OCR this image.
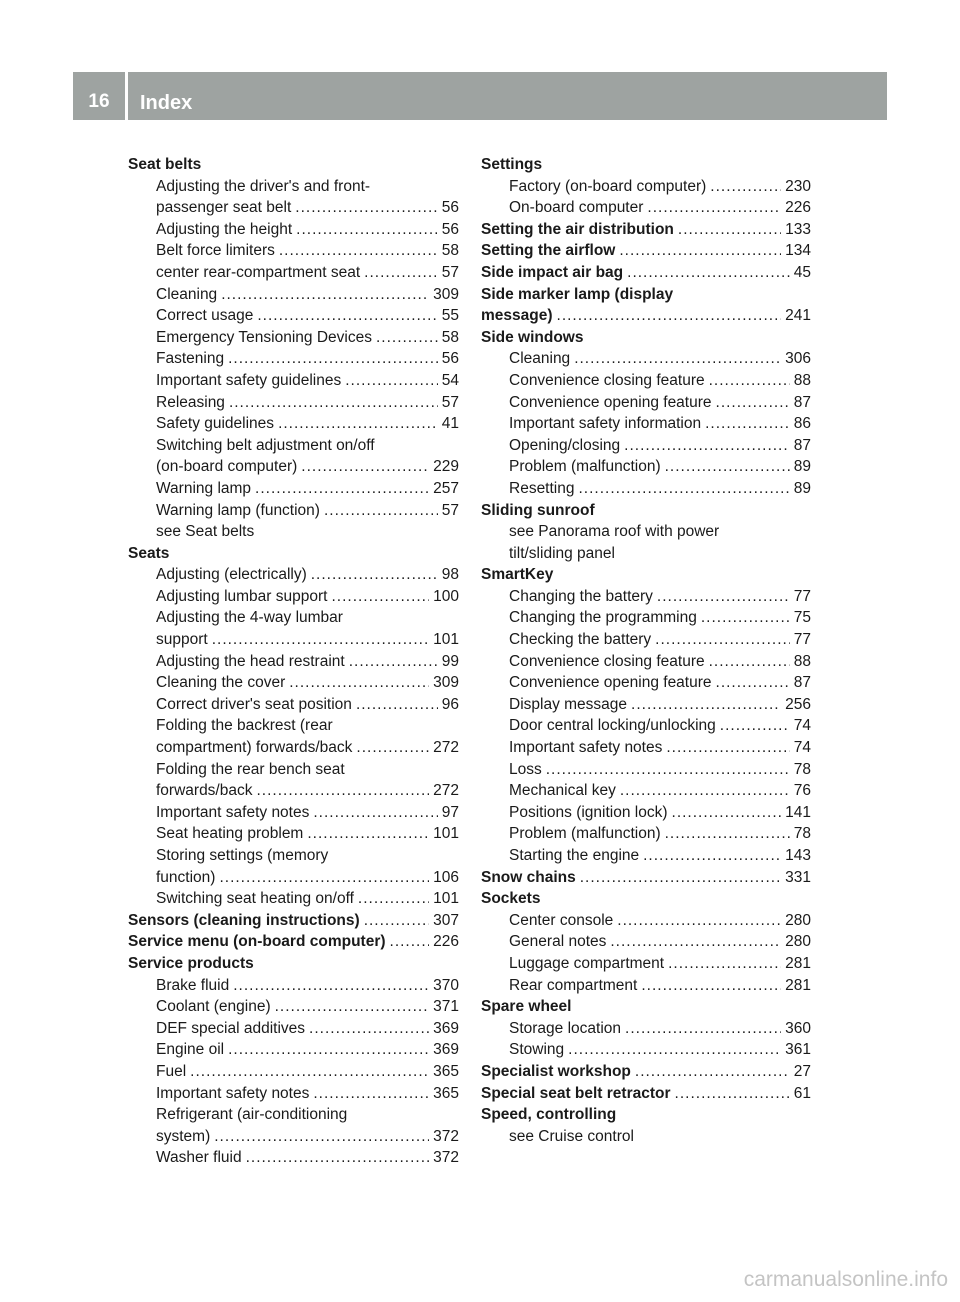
16	Index
Seat belts
Adjusting the driver's and front-
passenger seat belt .....	56
Adjusting the height .....	56
Belt force limiters .....	58
center rear-compartment seat .....	57
Cleaning .....	309
Correct usage .....	55
Emergency Tensioning Devices .....	58
Fastening .....	56
Important safety guidelines .....	54
Releasing .....	57
Safety guidelines .....	41
Switching belt adjustment on/off
(on-board computer) .....	229
Warning lamp .....	257
Warning lamp (function) .....	57
see Seat belts
Seats
Adjusting (electrically) .....	98
Adjusting lumbar support .....	100
Adjusting the 4-way lumbar
support .....	101
Adjusting the head restraint .....	99
Cleaning the cover .....	309
Correct driver's seat position .....	96
Folding the backrest (rear
compartment) forwards/back .....	272
Folding the rear bench seat
forwards/back .....	272
Important safety notes .....	97
Seat heating problem .....	101
Storing settings (memory
function) .....	106
Switching seat heating on/off .....	101
Sensors (cleaning instructions) .....	307
Service menu (on-board computer) .....	226
Service products
Brake fluid .....	370
Coolant (engine) .....	371
DEF special additives .....	369
Engine oil .....	369
Fuel .....	365
Important safety notes .....	365
Refrigerant (air-conditioning
system) .....	372
Washer fluid .....	372
Settings
Factory (on-board computer) .....	230
On-board computer .....	226
Setting the air distribution .....	133
Setting the airflow .....	134
Side impact air bag .....	45
Side marker lamp (display
message) .....	241
Side windows
Cleaning .....	306
Convenience closing feature .....	88
Convenience opening feature .....	87
Important safety information .....	86
Opening/closing .....	87
Problem (malfunction) .....	89
Resetting .....	89
Sliding sunroof
see Panorama roof with power
tilt/sliding panel
SmartKey
Changing the battery .....	77
Changing the programming .....	75
Checking the battery .....	77
Convenience closing feature .....	88
Convenience opening feature .....	87
Display message .....	256
Door central locking/unlocking .....	74
Important safety notes .....	74
Loss .....	78
Mechanical key .....	76
Positions (ignition lock) .....	141
Problem (malfunction) .....	78
Starting the engine .....	143
Snow chains .....	331
Sockets
Center console .....	280
General notes .....	280
Luggage compartment .....	281
Rear compartment .....	281
Spare wheel
Storage location .....	360
Stowing .....	361
Specialist workshop .....	27
Special seat belt retractor .....	61
Speed, controlling
see Cruise control
carmanualsonline.info
